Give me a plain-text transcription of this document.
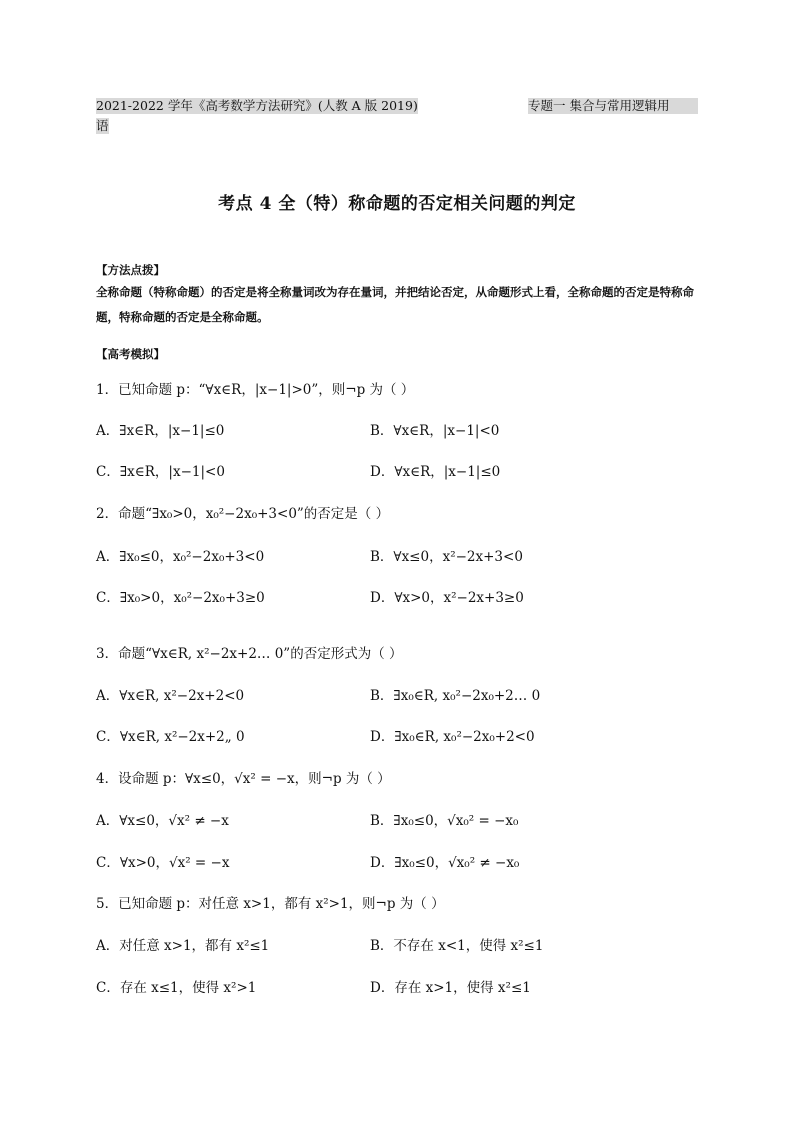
2021-2022 学年《高考数学方法研究》(人教 A 版 2019)	专题一 集合与常用逻辑用
语
考点 4 全（特）称命题的否定相关问题的判定
【方法点拨】
全称命题（特称命题）的否定是将全称量词改为存在量词，并把结论否定，从命题形式上看，全称命题的否定是特称命题，特称命题的否定是全称命题。
【高考模拟】
1．已知命题 p：“∀x∈R，|x−1|>0”，则¬p 为（ ）
A．∃x∈R，|x−1|≤0	B．∀x∈R，|x−1|<0
C．∃x∈R，|x−1|<0	D．∀x∈R，|x−1|≤0
2．命题“∃x₀>0，x₀²−2x₀+3<0”的否定是（ ）
A．∃x₀≤0，x₀²−2x₀+3<0	B．∀x≤0，x²−2x+3<0
C．∃x₀>0，x₀²−2x₀+3≥0	D．∀x>0，x²−2x+3≥0
3．命题“∀x∈R, x²−2x+2… 0”的否定形式为（ ）
A．∀x∈R, x²−2x+2<0	B．∃x₀∈R, x₀²−2x₀+2… 0
C．∀x∈R, x²−2x+2„ 0	D．∃x₀∈R, x₀²−2x₀+2<0
4．设命题 p：∀x≤0，√x² = −x，则¬p 为（ ）
A．∀x≤0，√x² ≠ −x	B．∃x₀≤0，√x₀² = −x₀
C．∀x>0，√x² = −x	D．∃x₀≤0，√x₀² ≠ −x₀
5．已知命题 p：对任意 x>1，都有 x²>1，则¬p 为（ ）
A．对任意 x>1，都有 x²≤1	B．不存在 x<1，使得 x²≤1
C．存在 x≤1，使得 x²>1	D．存在 x>1，使得 x²≤1
